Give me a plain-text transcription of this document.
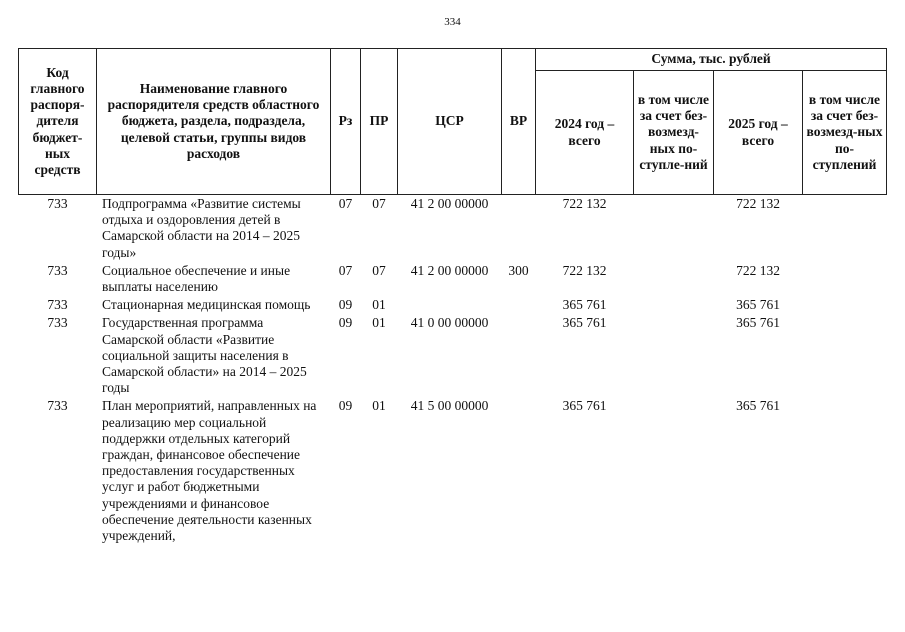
334
Код главного распоря-дителя бюджет-ных средств	Наименование главного распорядителя средств областного бюджета, раздела, подраздела, целевой статьи, группы видов расходов	Рз	ПР	ЦСР	ВР	Сумма, тыс. рублей			
						2024 год – всего	в том числе за счет без-возмезд-ных по-ступле-ний	2025 год – всего	в том числе за счет без-возмезд-ных по-ступлений
733	Подпрограмма «Развитие системы отдыха и оздоровления детей в Самарской области на 2014 – 2025 годы»	07	07	41 2 00 00000		722 132		722 132	
733	Социальное обеспечение и иные выплаты населению	07	07	41 2 00 00000	300	722 132		722 132	
733	Стационарная медицинская помощь	09	01			365 761		365 761	
733	Государственная программа Самарской области «Развитие социальной защиты населения в Самарской области» на 2014 – 2025 годы	09	01	41 0 00 00000		365 761		365 761	
733	План мероприятий, направленных на реализацию мер социальной поддержки отдельных категорий граждан, финансовое обеспечение предоставления государственных услуг и работ бюджетными учреждениями и финансовое обеспечение деятельности казенных учреждений,	09	01	41 5 00 00000		365 761		365 761	
